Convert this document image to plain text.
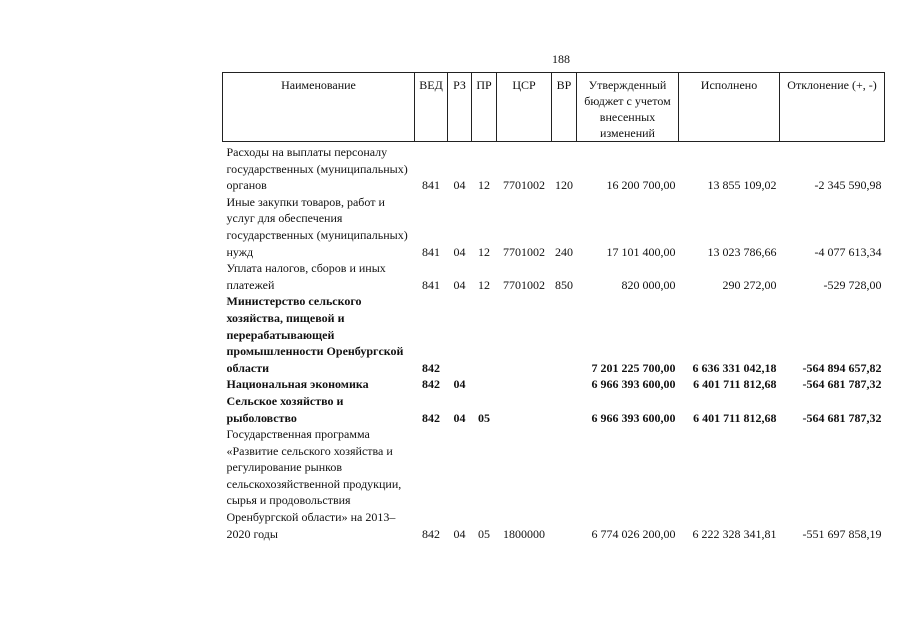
188
Наименование	ВЕД	РЗ	ПР	ЦСР	ВР	Утвержденный бюджет с учетом внесенных изменений	Исполнено	Отклонение (+, -)
Расходы на выплаты персоналу государственных (муниципальных) органов	841	04	12	7701002	120	16 200 700,00	13 855 109,02	-2 345 590,98
Иные закупки товаров, работ и услуг для обеспечения государственных (муниципальных) нужд	841	04	12	7701002	240	17 101 400,00	13 023 786,66	-4 077 613,34
Уплата налогов, сборов и иных платежей	841	04	12	7701002	850	820 000,00	290 272,00	-529 728,00
Министерство сельского хозяйства, пищевой и перерабатывающей промышленности Оренбургской области	842					7 201 225 700,00	6 636 331 042,18	-564 894 657,82
Национальная экономика	842	04				6 966 393 600,00	6 401 711 812,68	-564 681 787,32
Сельское хозяйство и рыболовство	842	04	05			6 966 393 600,00	6 401 711 812,68	-564 681 787,32
Государственная программа «Развитие сельского хозяйства и регулирование рынков сельскохозяйственной продукции, сырья и продовольствия Оренбургской области» на 2013–2020 годы	842	04	05	1800000		6 774 026 200,00	6 222 328 341,81	-551 697 858,19
